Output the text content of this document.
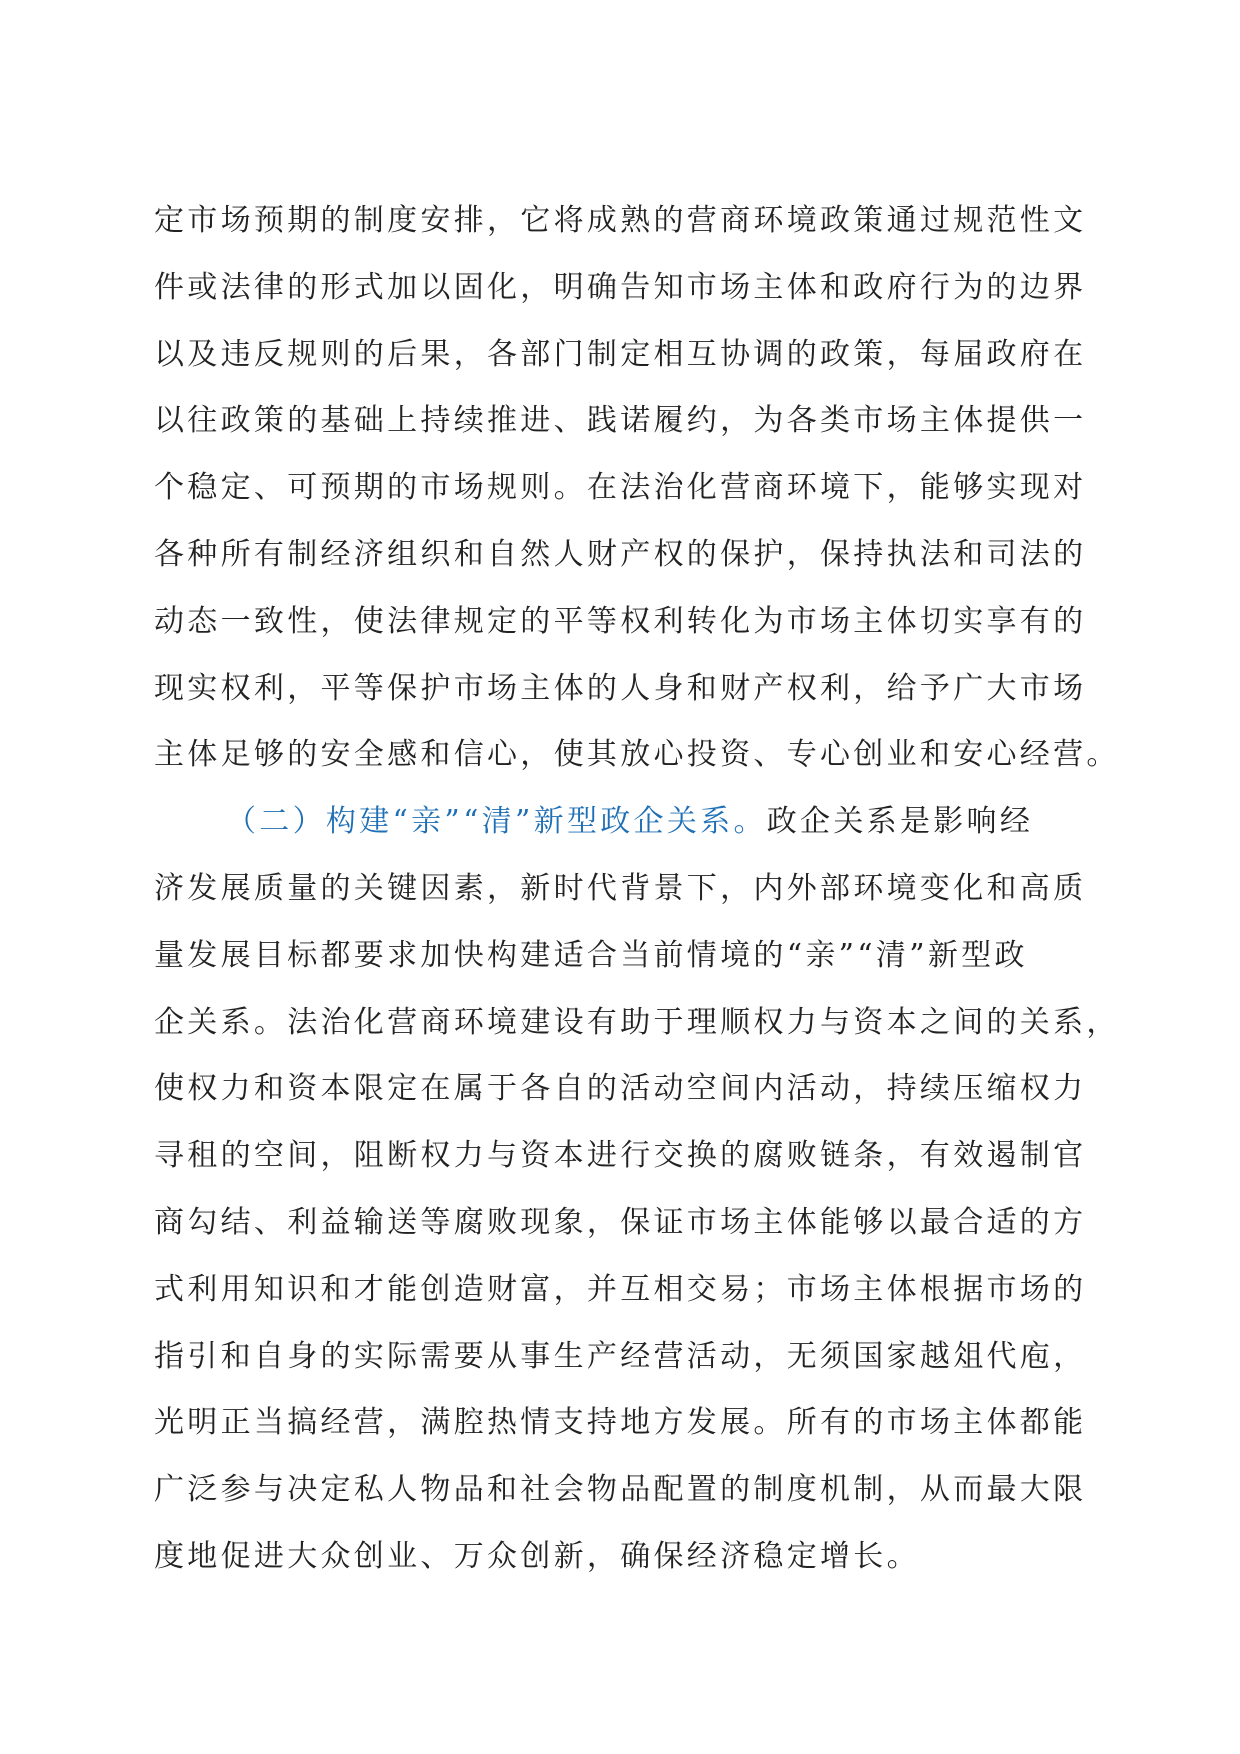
定市场预期的制度安排，它将成熟的营商环境政策通过规范性文
件或法律的形式加以固化，明确告知市场主体和政府行为的边界
以及违反规则的后果，各部门制定相互协调的政策，每届政府在
以往政策的基础上持续推进、践诺履约，为各类市场主体提供一
个稳定、可预期的市场规则。在法治化营商环境下，能够实现对
各种所有制经济组织和自然人财产权的保护，保持执法和司法的
动态一致性，使法律规定的平等权利转化为市场主体切实享有的
现实权利，平等保护市场主体的人身和财产权利，给予广大市场
主体足够的安全感和信心，使其放心投资、专心创业和安心经营。
（二）构建“亲”“清”新型政企关系。政企关系是影响经
济发展质量的关键因素，新时代背景下，内外部环境变化和高质
量发展目标都要求加快构建适合当前情境的“亲”“清”新型政
企关系。法治化营商环境建设有助于理顺权力与资本之间的关系，
使权力和资本限定在属于各自的活动空间内活动，持续压缩权力
寻租的空间，阻断权力与资本进行交换的腐败链条，有效遏制官
商勾结、利益输送等腐败现象，保证市场主体能够以最合适的方
式利用知识和才能创造财富，并互相交易；市场主体根据市场的
指引和自身的实际需要从事生产经营活动，无须国家越俎代庖，
光明正当搞经营，满腔热情支持地方发展。所有的市场主体都能
广泛参与决定私人物品和社会物品配置的制度机制，从而最大限
度地促进大众创业、万众创新，确保经济稳定增长。
